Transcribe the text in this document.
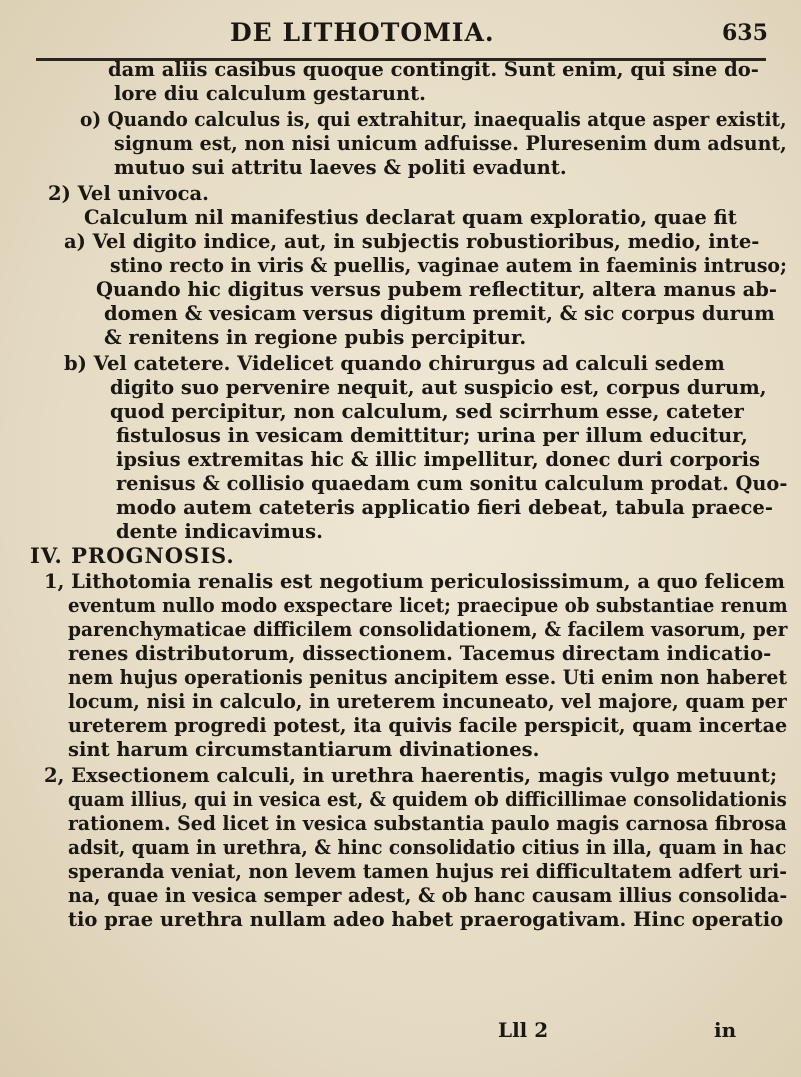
DE LITHOTOMIA.	635
dam aliis casibus quoque contingit. Sunt enim, qui sine do-
lore diu calculum gestarunt.
o) Quando calculus is, qui extrahitur, inaequalis atque asper existit,
signum est, non nisi unicum adfuisse. Pluresenim dum adsunt,
mutuo sui attritu laeves & politi evadunt.
2) Vel univoca.
Calculum nil manifestius declarat quam exploratio, quae fit
a) Vel digito indice, aut, in subjectis robustioribus, medio, inte-
stino recto in viris & puellis, vaginae autem in faeminis intruso;
Quando hic digitus versus pubem reflectitur, altera manus ab-
domen & vesicam versus digitum premit, & sic corpus durum
& renitens in regione pubis percipitur.
b) Vel catetere. Videlicet quando chirurgus ad calculi sedem
digito suo pervenire nequit, aut suspicio est, corpus durum,
quod percipitur, non calculum, sed scirrhum esse, cateter
fistulosus in vesicam demittitur; urina per illum educitur,
ipsius extremitas hic & illic impellitur, donec duri corporis
renisus & collisio quaedam cum sonitu calculum prodat. Quo-
modo autem cateteris applicatio fieri debeat, tabula praece-
dente indicavimus.
IV. PROGNOSIS.
1, Lithotomia renalis est negotium periculosissimum, a quo felicem
eventum nullo modo exspectare licet; praecipue ob substantiae renum
parenchymaticae difficilem consolidationem, & facilem vasorum, per
renes distributorum, dissectionem. Tacemus directam indicatio-
nem hujus operationis penitus ancipitem esse. Uti enim non haberet
locum, nisi in calculo, in ureterem incuneato, vel majore, quam per
ureterem progredi potest, ita quivis facile perspicit, quam incertae
sint harum circumstantiarum divinationes.
2, Exsectionem calculi, in urethra haerentis, magis vulgo metuunt;
quam illius, qui in vesica est, & quidem ob difficillimae consolidationis
rationem. Sed licet in vesica substantia paulo magis carnosa fibrosa
adsit, quam in urethra, & hinc consolidatio citius in illa, quam in hac
speranda veniat, non levem tamen hujus rei difficultatem adfert uri-
na, quae in vesica semper adest, & ob hanc causam illius consolida-
tio prae urethra nullam adeo habet praerogativam. Hinc operatio
Lll 2	in
